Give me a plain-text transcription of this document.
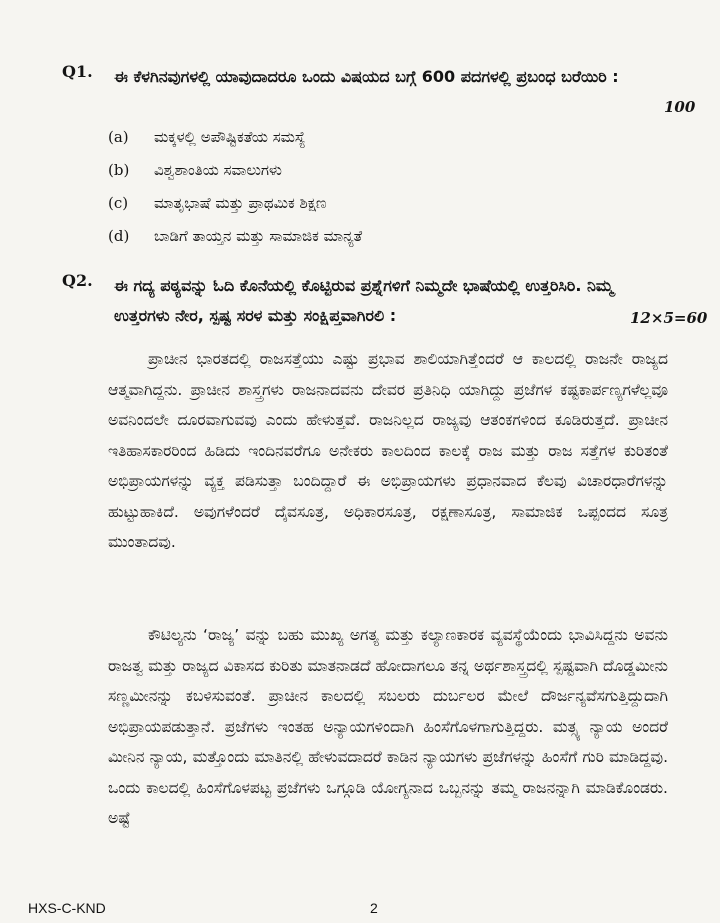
Q1. ಈ ಕೆಳಗಿನವುಗಳಲ್ಲಿ ಯಾವುದಾದರೂ ಒಂದು ವಿಷಯದ ಬಗ್ಗೆ 600 ಪದಗಳಲ್ಲಿ ಪ್ರಬಂಧ ಬರೆಯಿರಿ :
100
(a) ಮಕ್ಕಳಲ್ಲಿ ಅಪೌಷ್ಟಿಕತೆಯ ಸಮಸ್ಯೆ
(b) ವಿಶ್ವಶಾಂತಿಯ ಸವಾಲುಗಳು
(c) ಮಾತೃಭಾಷೆ ಮತ್ತು ಪ್ರಾಥಮಿಕ ಶಿಕ್ಷಣ
(d) ಬಾಡಿಗೆ ತಾಯ್ತನ ಮತ್ತು ಸಾಮಾಜಿಕ ಮಾನ್ಯತೆ
Q2. ಈ ಗದ್ಯ ಪಠ್ಯವನ್ನು ಓದಿ ಕೊನೆಯಲ್ಲಿ ಕೊಟ್ಟಿರುವ ಪ್ರಶ್ನೆಗಳಿಗೆ ನಿಮ್ಮದೇ ಭಾಷೆಯಲ್ಲಿ ಉತ್ತರಿಸಿರಿ. ನಿಮ್ಮ ಉತ್ತರಗಳು ನೇರ, ಸ್ಪಷ್ಟ ಸರಳ ಮತ್ತು ಸಂಕ್ಷಿಪ್ತವಾಗಿರಲಿ :	12×5=60
ಪ್ರಾಚೀನ ಭಾರತದಲ್ಲಿ ರಾಜಸತ್ತೆಯು ಎಷ್ಟು ಪ್ರಭಾವ ಶಾಲಿಯಾಗಿತ್ತೆಂದರೆ ಆ ಕಾಲದಲ್ಲಿ ರಾಜನೇ ರಾಜ್ಯದ ಆತ್ಮವಾಗಿದ್ದನು. ಪ್ರಾಚೀನ ಶಾಸ್ತ್ರಗಳು ರಾಜನಾದವನು ದೇವರ ಪ್ರತಿನಿಧಿ ಯಾಗಿದ್ದು ಪ್ರಜೆಗಳ ಕಷ್ಟಕಾರ್ಪಣ್ಯಗಳೆಲ್ಲವೂ ಅವನಿಂದಲೇ ದೂರವಾಗುವವು ಎಂದು ಹೇಳುತ್ತವೆ. ರಾಜನಿಲ್ಲದ ರಾಜ್ಯವು ಆತಂಕಗಳಿಂದ ಕೂಡಿರುತ್ತದೆ. ಪ್ರಾಚೀನ ಇತಿಹಾಸಕಾರರಿಂದ ಹಿಡಿದು ಇಂದಿನವರೆಗೂ ಅನೇಕರು ಕಾಲದಿಂದ ಕಾಲಕ್ಕೆ ರಾಜ ಮತ್ತು ರಾಜ ಸತ್ತೆಗಳ ಕುರಿತಂತೆ ಅಭಿಪ್ರಾಯಗಳನ್ನು ವ್ಯಕ್ತ ಪಡಿಸುತ್ತಾ ಬಂದಿದ್ದಾರೆ ಈ ಅಭಿಪ್ರಾಯಗಳು ಪ್ರಧಾನವಾದ ಕೆಲವು ವಿಚಾರಧಾರೆಗಳನ್ನು ಹುಟ್ಟುಹಾಕಿದೆ. ಅವುಗಳೆಂದರೆ ದೈವಸೂತ್ರ, ಅಧಿಕಾರಸೂತ್ರ, ರಕ್ಷಣಾಸೂತ್ರ, ಸಾಮಾಜಿಕ ಒಪ್ಪಂದದ ಸೂತ್ರ ಮುಂತಾದವು.
ಕೌಟಿಲ್ಯನು ‘ರಾಜ್ಯ’ ವನ್ನು ಬಹು ಮುಖ್ಯ ಅಗತ್ಯ ಮತ್ತು ಕಲ್ಯಾಣಕಾರಕ ವ್ಯವಸ್ಥೆಯೆಂದು ಭಾವಿಸಿದ್ದನು ಅವನು ರಾಜತ್ವ ಮತ್ತು ರಾಜ್ಯದ ವಿಕಾಸದ ಕುರಿತು ಮಾತನಾಡದೆ ಹೋದಾಗಲೂ ತನ್ನ ಅರ್ಥಶಾಸ್ತ್ರದಲ್ಲಿ ಸ್ಪಷ್ಟವಾಗಿ ದೊಡ್ಡಮೀನು ಸಣ್ಣಮೀನನ್ನು ಕಬಳಿಸುವಂತೆ. ಪ್ರಾಚೀನ ಕಾಲದಲ್ಲಿ ಸಬಲರು ದುರ್ಬಲರ ಮೇಲೆ ದೌರ್ಜನ್ಯವೆಸಗುತ್ತಿದ್ದುದಾಗಿ ಅಭಿಪ್ರಾಯಪಡುತ್ತಾನೆ. ಪ್ರಜೆಗಳು ಇಂತಹ ಅನ್ಯಾಯಗಳಿಂದಾಗಿ ಹಿಂಸೆಗೊಳಗಾಗುತ್ತಿದ್ದರು. ಮತ್ಸ್ಯ ನ್ಯಾಯ ಅಂದರೆ ಮೀನಿನ ನ್ಯಾಯ, ಮತ್ತೊಂದು ಮಾತಿನಲ್ಲಿ ಹೇಳುವದಾದರೆ ಕಾಡಿನ ನ್ಯಾಯಗಳು ಪ್ರಜೆಗಳನ್ನು ಹಿಂಸೆಗೆ ಗುರಿ ಮಾಡಿದ್ದವು. ಒಂದು ಕಾಲದಲ್ಲಿ ಹಿಂಸೆಗೊಳಪಟ್ಟ ಪ್ರಜೆಗಳು ಒಗ್ಗೂಡಿ ಯೋಗ್ಯನಾದ ಒಬ್ಬನನ್ನು ತಮ್ಮ ರಾಜನನ್ನಾಗಿ ಮಾಡಿಕೊಂಡರು. ಅಷ್ಟೆ
HXS-C-KND	2
